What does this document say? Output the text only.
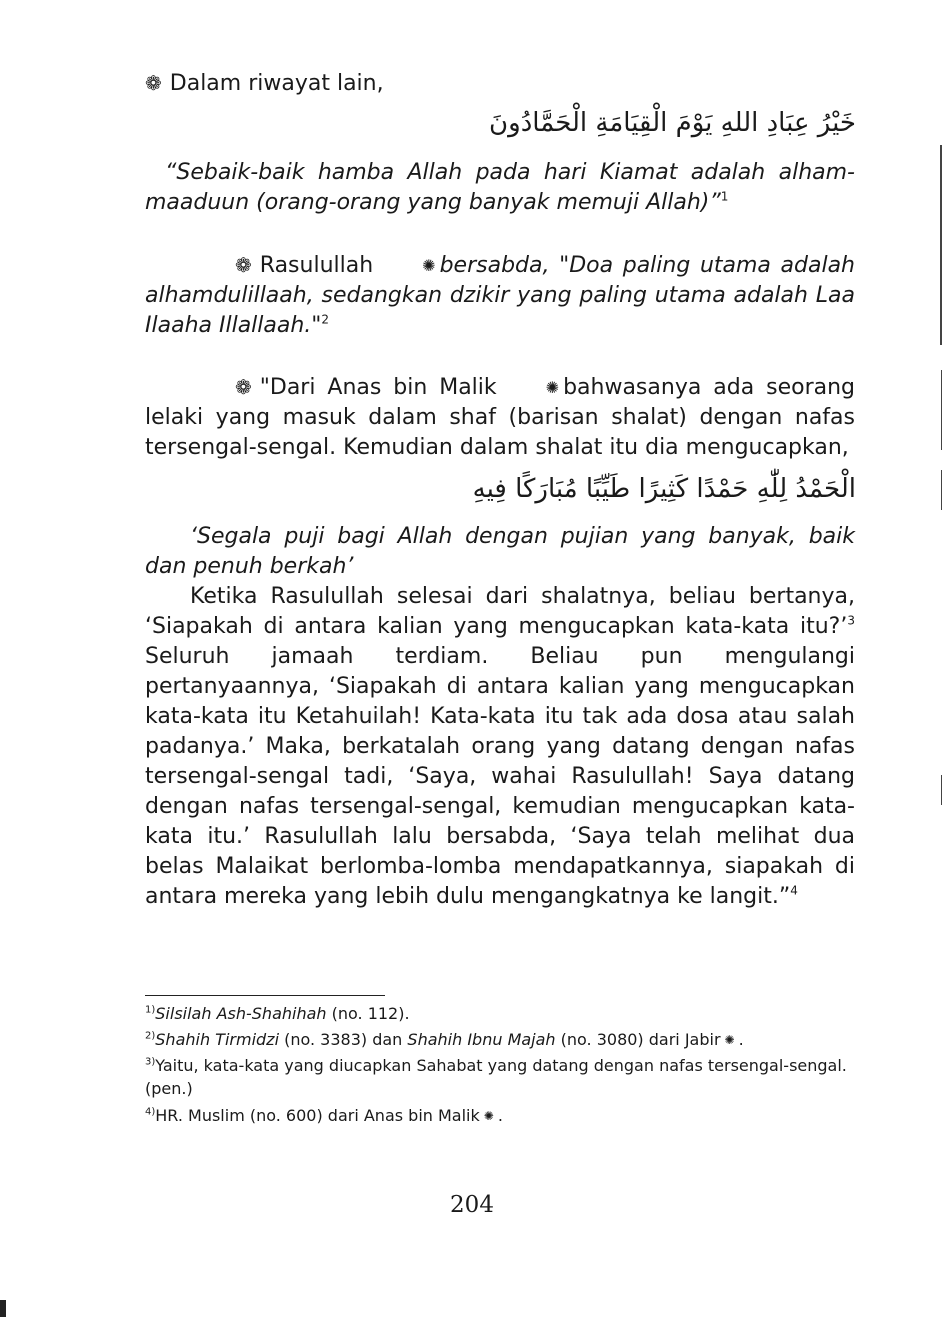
❁ Dalam riwayat lain,
خَيْرُ عِبَادِ اللهِ يَوْمَ الْقِيَامَةِ الْحَمَّادُونَ
“Sebaik-baik hamba Allah pada hari Kiamat adalah alham-maaduun (orang-orang yang banyak memuji Allah)”$^1$
❁ Rasulullah	✺ bersabda, "Doa paling utama adalah alhamdulillaah, sedangkan dzikir yang paling utama adalah Laa Ilaaha Illallaah."$^2$
❁ "Dari Anas bin Malik	✺ bahwasanya ada seorang lelaki yang masuk dalam shaf (barisan shalat) dengan nafas tersengal-sengal. Kemudian dalam shalat itu dia mengucapkan,
الْحَمْدُ لِلّٰهِ حَمْدًا كَثِيرًا طَيِّبًا مُبَارَكًا فِيهِ
‘Segala puji bagi Allah dengan pujian yang banyak, baik dan penuh berkah’
Ketika Rasulullah selesai dari shalatnya, beliau bertanya, ‘Siapakah di antara kalian yang mengucapkan kata-kata itu?’$^3$ Seluruh jamaah terdiam. Beliau pun mengulangi pertanyaannya, ‘Siapakah di antara kalian yang mengucapkan kata-kata itu Ketahuilah! Kata-kata itu tak ada dosa atau salah padanya.’ Maka, berkatalah orang yang datang dengan nafas tersengal-sengal tadi, ‘Saya, wahai Rasulullah! Saya datang dengan nafas tersengal-sengal, kemudian mengucapkan kata-kata itu.’ Rasulullah lalu bersabda, ‘Saya telah melihat dua belas Malaikat berlomba-lomba mendapatkannya, siapakah di antara mereka yang lebih dulu mengangkatnya ke langit.”$^4$
$^{1)}$Silsilah Ash-Shahihah (no. 112).
$^{2)}$Shahih Tirmidzi (no. 3383) dan Shahih Ibnu Majah (no. 3080) dari Jabir ✺ .
$^{3)}$Yaitu, kata-kata yang diucapkan Sahabat yang datang dengan nafas tersengal-sengal.(pen.)
$^{4)}$HR. Muslim (no. 600) dari Anas bin Malik ✺ .
204
